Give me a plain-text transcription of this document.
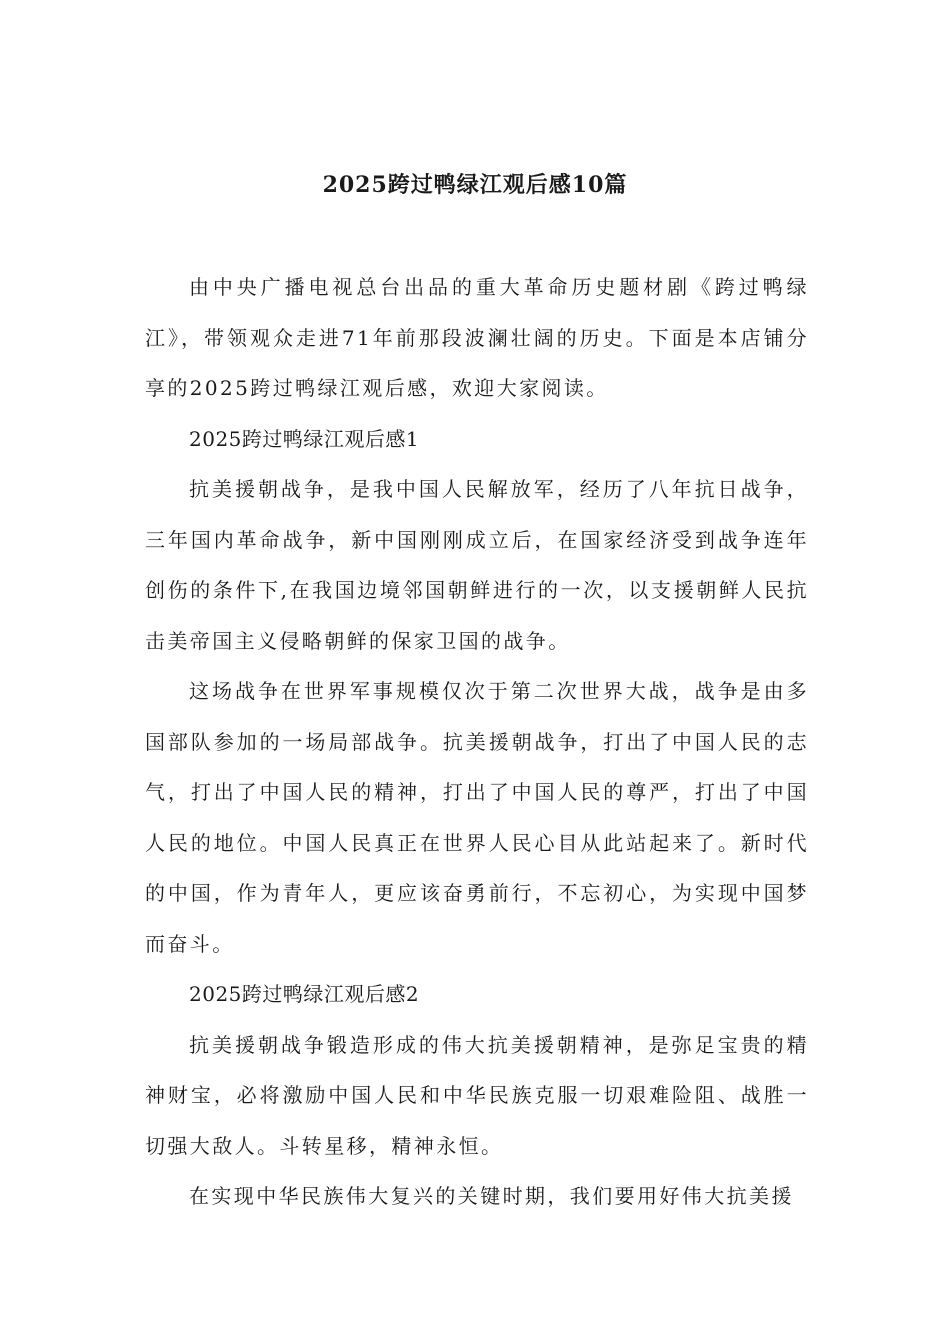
2025跨过鸭绿江观后感10篇

由中央广播电视总台出品的重大革命历史题材剧《跨过鸭绿江》，带领观众走进71年前那段波澜壮阔的历史。下面是本店铺分享的2025跨过鸭绿江观后感，欢迎大家阅读。

2025跨过鸭绿江观后感1

抗美援朝战争，是我中国人民解放军，经历了八年抗日战争，三年国内革命战争，新中国刚刚成立后，在国家经济受到战争连年创伤的条件下,在我国边境邻国朝鲜进行的一次，以支援朝鲜人民抗击美帝国主义侵略朝鲜的保家卫国的战争。

这场战争在世界军事规模仅次于第二次世界大战，战争是由多国部队参加的一场局部战争。抗美援朝战争，打出了中国人民的志气，打出了中国人民的精神，打出了中国人民的尊严，打出了中国人民的地位。中国人民真正在世界人民心目从此站起来了。新时代的中国，作为青年人，更应该奋勇前行，不忘初心，为实现中国梦而奋斗。

2025跨过鸭绿江观后感2

抗美援朝战争锻造形成的伟大抗美援朝精神，是弥足宝贵的精神财宝，必将激励中国人民和中华民族克服一切艰难险阻、战胜一切强大敌人。斗转星移，精神永恒。

在实现中华民族伟大复兴的关键时期，我们要用好伟大抗美援
